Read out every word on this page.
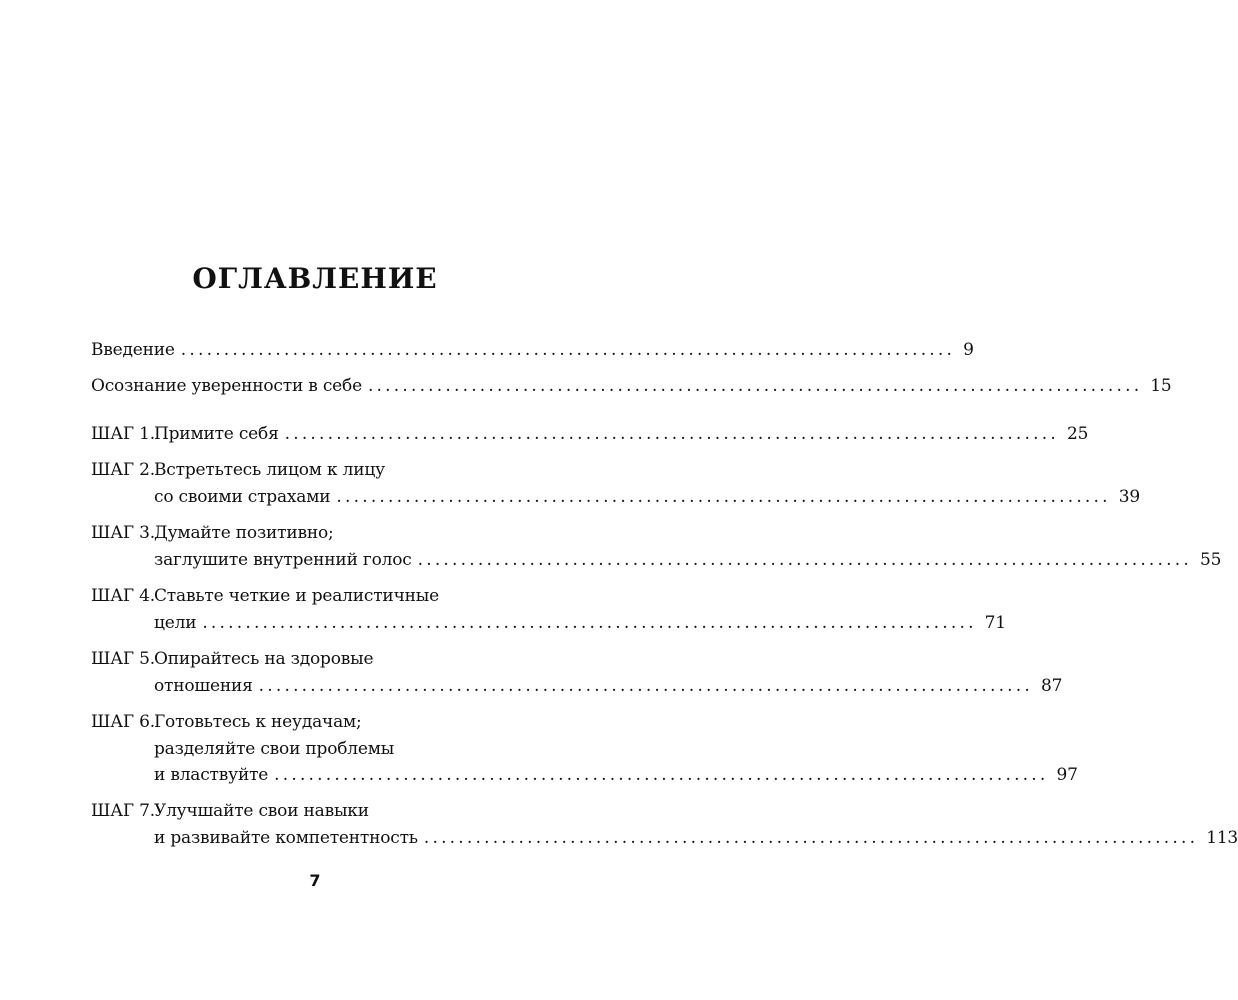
ОГЛАВЛЕНИЕ
Введение .......................................................................................... 9
Осознание уверенности в себе .......................................................................................... 15
ШАГ 1. Примите себя .......................................................................................... 25
ШАГ 2. Встретьтесь лицом к лицу
со своими страхами .......................................................................................... 39
ШАГ 3. Думайте позитивно;
заглушите внутренний голос .......................................................................................... 55
ШАГ 4. Ставьте четкие и реалистичные
цели .......................................................................................... 71
ШАГ 5. Опирайтесь на здоровые
отношения .......................................................................................... 87
ШАГ 6. Готовьтесь к неудачам;
разделяйте свои проблемы
и властвуйте .......................................................................................... 97
ШАГ 7. Улучшайте свои навыки
и развивайте компетентность .......................................................................................... 113
7
